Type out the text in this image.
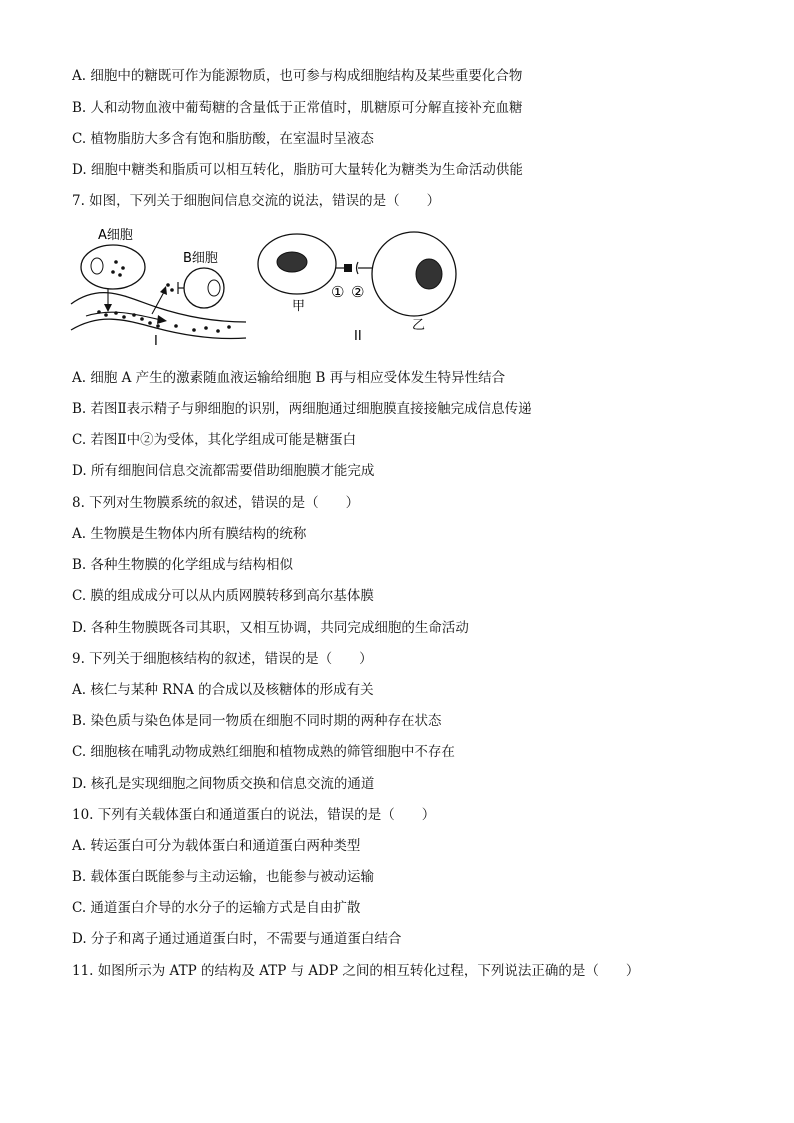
A. 细胞中的糖既可作为能源物质，也可参与构成细胞结构及某些重要化合物
B. 人和动物血液中葡萄糖的含量低于正常值时，肌糖原可分解直接补充血糖
C. 植物脂肪大多含有饱和脂肪酸，在室温时呈液态
D. 细胞中糖类和脂质可以相互转化，脂肪可大量转化为糖类为生命活动供能
7. 如图，下列关于细胞间信息交流的说法，错误的是（　　）
A细胞
B细胞
I
甲
① ②
II
乙
A. 细胞 A 产生的激素随血液运输给细胞 B 再与相应受体发生特异性结合
B. 若图Ⅱ表示精子与卵细胞的识别，两细胞通过细胞膜直接接触完成信息传递
C. 若图Ⅱ中②为受体，其化学组成可能是糖蛋白
D. 所有细胞间信息交流都需要借助细胞膜才能完成
8. 下列对生物膜系统的叙述，错误的是（　　）
A. 生物膜是生物体内所有膜结构的统称
B. 各种生物膜的化学组成与结构相似
C. 膜的组成成分可以从内质网膜转移到高尔基体膜
D. 各种生物膜既各司其职，又相互协调，共同完成细胞的生命活动
9. 下列关于细胞核结构的叙述，错误的是（　　）
A. 核仁与某种 RNA 的合成以及核糖体的形成有关
B. 染色质与染色体是同一物质在细胞不同时期的两种存在状态
C. 细胞核在哺乳动物成熟红细胞和植物成熟的筛管细胞中不存在
D. 核孔是实现细胞之间物质交换和信息交流的通道
10. 下列有关载体蛋白和通道蛋白的说法，错误的是（　　）
A. 转运蛋白可分为载体蛋白和通道蛋白两种类型
B. 载体蛋白既能参与主动运输，也能参与被动运输
C. 通道蛋白介导的水分子的运输方式是自由扩散
D. 分子和离子通过通道蛋白时，不需要与通道蛋白结合
11. 如图所示为 ATP 的结构及 ATP 与 ADP 之间的相互转化过程，下列说法正确的是（　　）
